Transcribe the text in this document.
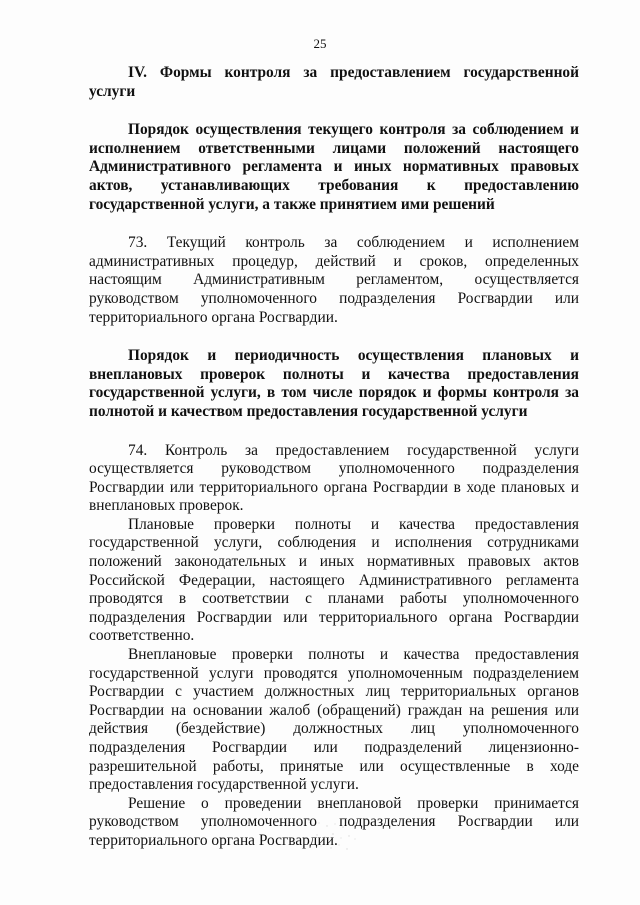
25

IV. Формы контроля за предоставлением государственной услуги

Порядок осуществления текущего контроля за соблюдением и исполнением ответственными лицами положений настоящего Административного регламента и иных нормативных правовых актов, устанавливающих требования к предоставлению государственной услуги, а также принятием ими решений

73. Текущий контроль за соблюдением и исполнением административных процедур, действий и сроков, определенных настоящим Административным регламентом, осуществляется руководством уполномоченного подразделения Росгвардии или территориального органа Росгвардии.

Порядок и периодичность осуществления плановых и внеплановых проверок полноты и качества предоставления государственной услуги, в том числе порядок и формы контроля за полнотой и качеством предоставления государственной услуги

74. Контроль за предоставлением государственной услуги осуществляется руководством уполномоченного подразделения Росгвардии или территориального органа Росгвардии в ходе плановых и внеплановых проверок.

Плановые проверки полноты и качества предоставления государственной услуги, соблюдения и исполнения сотрудниками положений законодательных и иных нормативных правовых актов Российской Федерации, настоящего Административного регламента проводятся в соответствии с планами работы уполномоченного подразделения Росгвардии или территориального органа Росгвардии соответственно.

Внеплановые проверки полноты и качества предоставления государственной услуги проводятся уполномоченным подразделением Росгвардии с участием должностных лиц территориальных органов Росгвардии на основании жалоб (обращений) граждан на решения или действия (бездействие) должностных лиц уполномоченного подразделения Росгвардии или подразделений лицензионно-разрешительной работы, принятые или осуществленные в ходе предоставления государственной услуги.

Решение о проведении внеплановой проверки принимается руководством уполномоченного подразделения Росгвардии или территориального органа Росгвардии.
